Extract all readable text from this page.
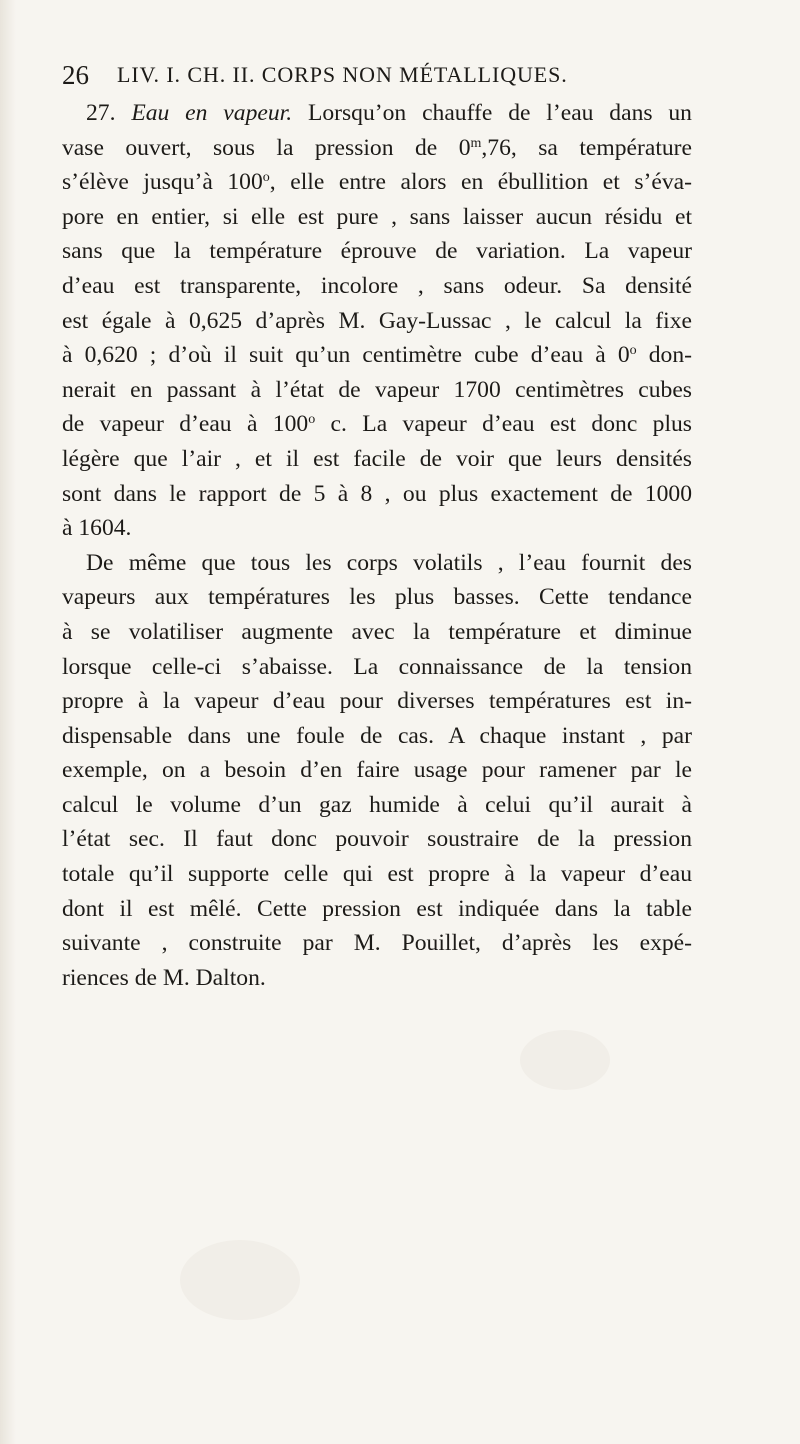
26 LIV. I. CH. II. CORPS NON MÉTALLIQUES.
27. Eau en vapeur. Lorsqu’on chauffe de l’eau dans un
vase ouvert, sous la pression de 0$^m$,76, sa température
s’élève jusqu’à 100$^o$, elle entre alors en ébullition et s’éva-
pore en entier, si elle est pure , sans laisser aucun résidu et
sans que la température éprouve de variation. La vapeur
d’eau est transparente, incolore , sans odeur. Sa densité
est égale à 0,625 d’après M. Gay-Lussac , le calcul la fixe
à 0,620 ; d’où il suit qu’un centimètre cube d’eau à 0$^o$ don-
nerait en passant à l’état de vapeur 1700 centimètres cubes
de vapeur d’eau à 100$^o$ c. La vapeur d’eau est donc plus
légère que l’air , et il est facile de voir que leurs densités
sont dans le rapport de 5 à 8 , ou plus exactement de 1000
à 1604.
De même que tous les corps volatils , l’eau fournit des
vapeurs aux températures les plus basses. Cette tendance
à se volatiliser augmente avec la température et diminue
lorsque celle-ci s’abaisse. La connaissance de la tension
propre à la vapeur d’eau pour diverses températures est in-
dispensable dans une foule de cas. A chaque instant , par
exemple, on a besoin d’en faire usage pour ramener par le
calcul le volume d’un gaz humide à celui qu’il aurait à
l’état sec. Il faut donc pouvoir soustraire de la pression
totale qu’il supporte celle qui est propre à la vapeur d’eau
dont il est mêlé. Cette pression est indiquée dans la table
suivante , construite par M. Pouillet, d’après les expé-
riences de M. Dalton.
